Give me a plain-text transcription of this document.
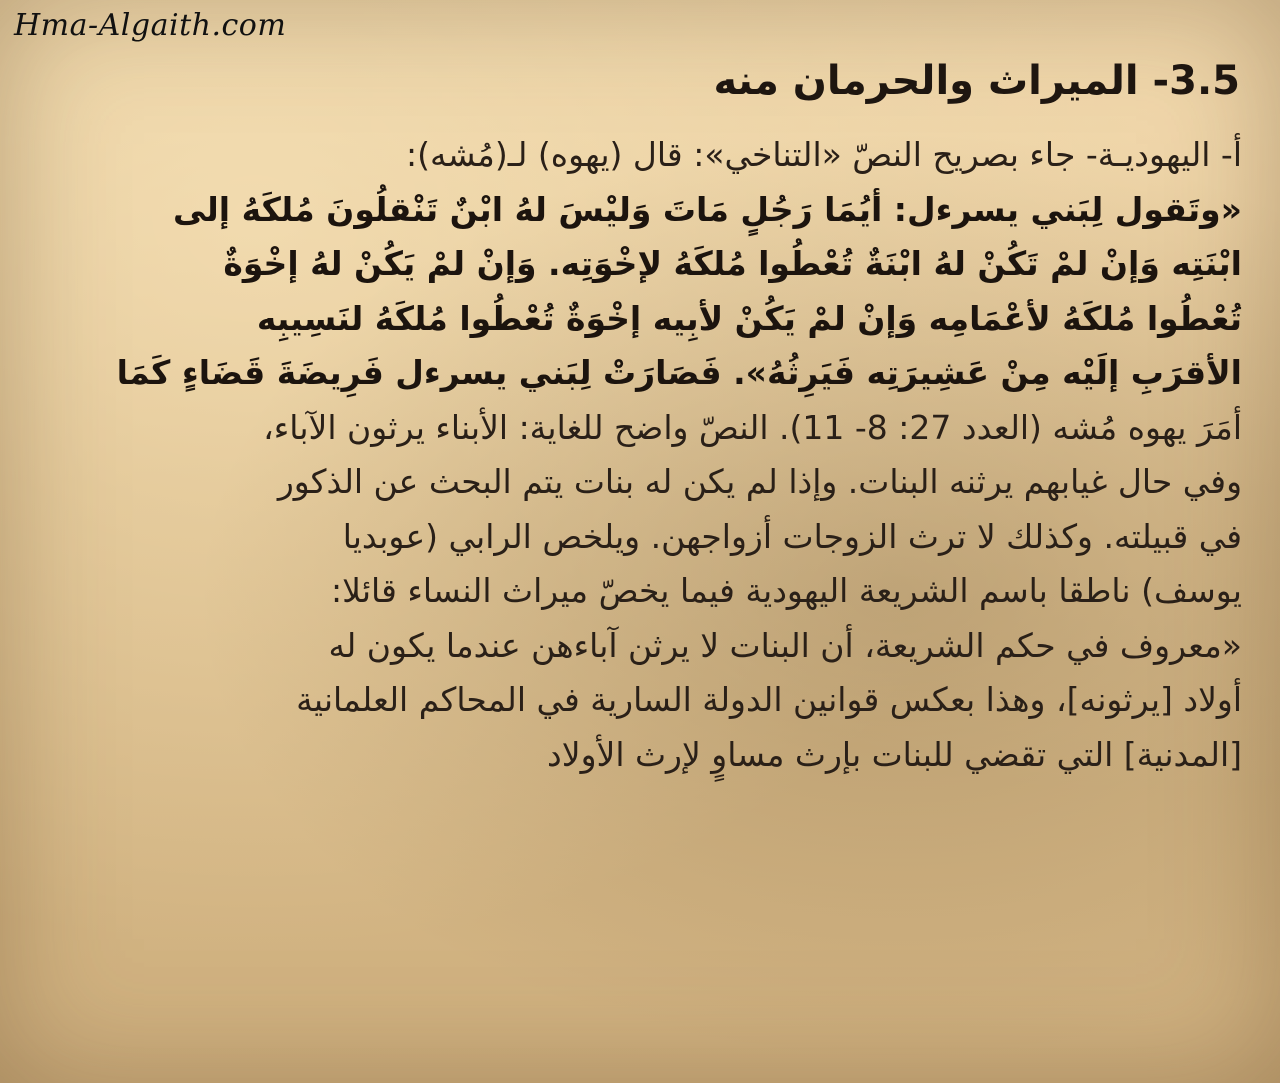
Hma-Algaith.com
3.5- الميراث والحرمان منه
أ- اليهوديـة- جاء بصريح النصّ «التناخي»: قال (يهوه) لـ(مُشه):
«وتَقول لِبَني يسرءل: أيُمَا رَجُلٍ مَاتَ وَليْسَ لهُ ابْنٌ تَنْقلُونَ مُلكَهُ إلى
ابْنَتِه وَإنْ لمْ تَكُنْ لهُ ابْنَةٌ تُعْطُوا مُلكَهُ لإخْوَتِه. وَإنْ لمْ يَكُنْ لهُ إخْوَةٌ
تُعْطُوا مُلكَهُ لأعْمَامِه وَإنْ لمْ يَكُنْ لأبِيه إخْوَةٌ تُعْطُوا مُلكَهُ لنَسِيبِه
الأقرَبِ إلَيْه مِنْ عَشِيرَتِه فَيَرِثُهُ». فَصَارَتْ لِبَني يسرءل فَرِيضَةَ قَضَاءٍ كَمَا
أمَرَ يهوه مُشه (العدد 27: 8- 11). النصّ واضح للغاية: الأبناء يرثون الآباء،
وفي حال غيابهم يرثنه البنات. وإذا لم يكن له بنات يتم البحث عن الذكور
في قبيلته. وكذلك لا ترث الزوجات أزواجهن. ويلخص الرابي (عوبديا
يوسف) ناطقا باسم الشريعة اليهودية فيما يخصّ ميراث النساء قائلا:
«معروف في حكم الشريعة، أن البنات لا يرثن آباءهن عندما يكون له
أولاد [يرثونه]، وهذا بعكس قوانين الدولة السارية في المحاكم العلمانية
[المدنية] التي تقضي للبنات بإرث مساوٍ لإرث الأولاد
